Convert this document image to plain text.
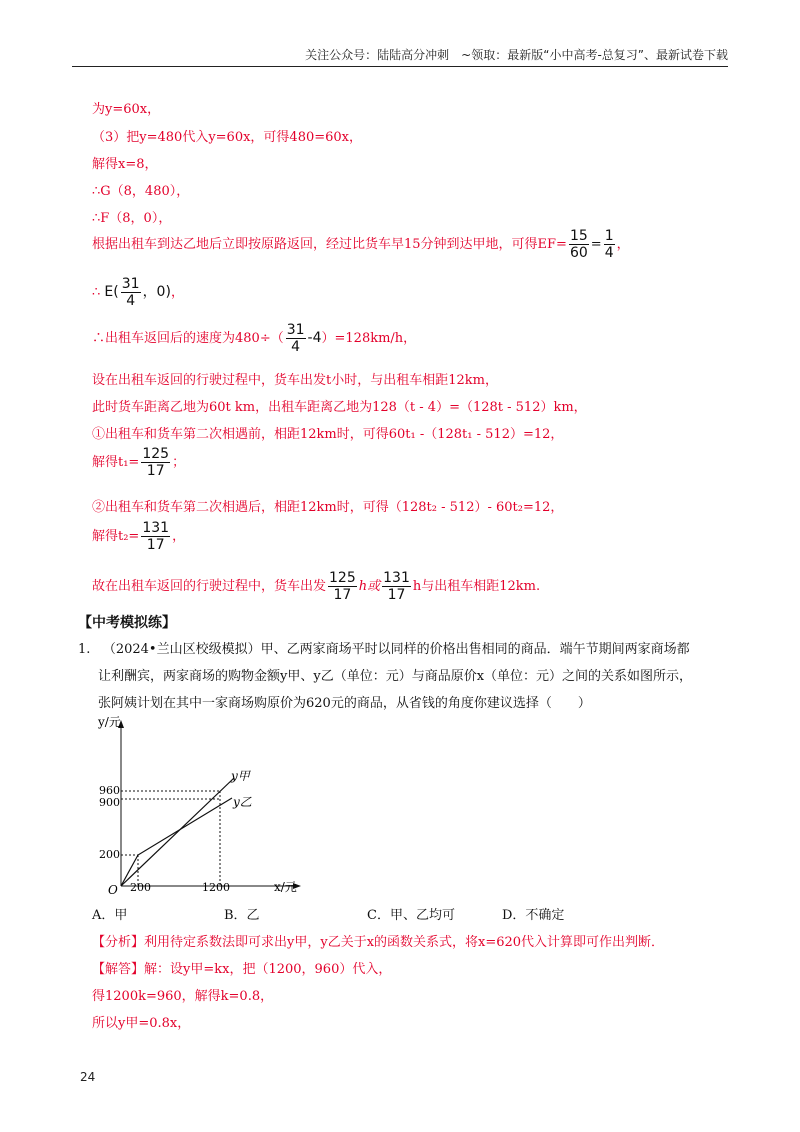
关注公众号：陆陆高分冲刺　~领取：最新版“小中高考-总复习”、最新试卷下载
为y=60x，
（3）把y=480代入y=60x，可得480=60x，
解得x=8，
∴G（8，480），
∴F（8，0），
根据出租车到达乙地后立即按原路返回，经过比货车早15分钟到达甲地，可得$EF= \frac{15}{60} = \frac{1}{4}$ ，
∴ $E( \frac{31}{4}$ ，0)，
∴出租车返回后的速度为$480\div( \frac{31}{4} -4)=128km/h$，
设在出租车返回的行驶过程中，货车出发t小时，与出租车相距12km，
此时货车距离乙地为60t km，出租车距离乙地为128（t - 4）=（128t - 512）km，
①出租车和货车第二次相遇前，相距12km时，可得60t₁ -（128t₁ - 512）=12，
解得$t_1= \frac{125}{17}$ ；
②出租车和货车第二次相遇后，相距12km时，可得（128t₂ - 512）- 60t₂=12，
解得$t_2= \frac{131}{17}$ ，
故在出租车返回的行驶过程中，货车出发 $\frac{125}{17}$ h或 $\frac{131}{17}$ h与出租车相距12km.
【中考模拟练】
1. （2024•兰山区校级模拟）甲、乙两家商场平时以同样的价格出售相同的商品．端午节期间两家商场都
让利酬宾，两家商场的购物金额y甲、y乙（单位：元）与商品原价x（单位：元）之间的关系如图所示，
张阿姨计划在其中一家商场购原价为620元的商品，从省钱的角度你建议选择（　　）
y/元
x/元
O
960
900
200
200	1200
y甲
y乙
A．甲	B．乙	C．甲、乙均可	D．不确定
【分析】利用待定系数法即可求出y甲，y乙关于x的函数关系式，将x=620代入计算即可作出判断．
【解答】解：设y甲=kx，把（1200，960）代入，
得1200k=960，解得k=0.8，
所以y甲=0.8x，
24
